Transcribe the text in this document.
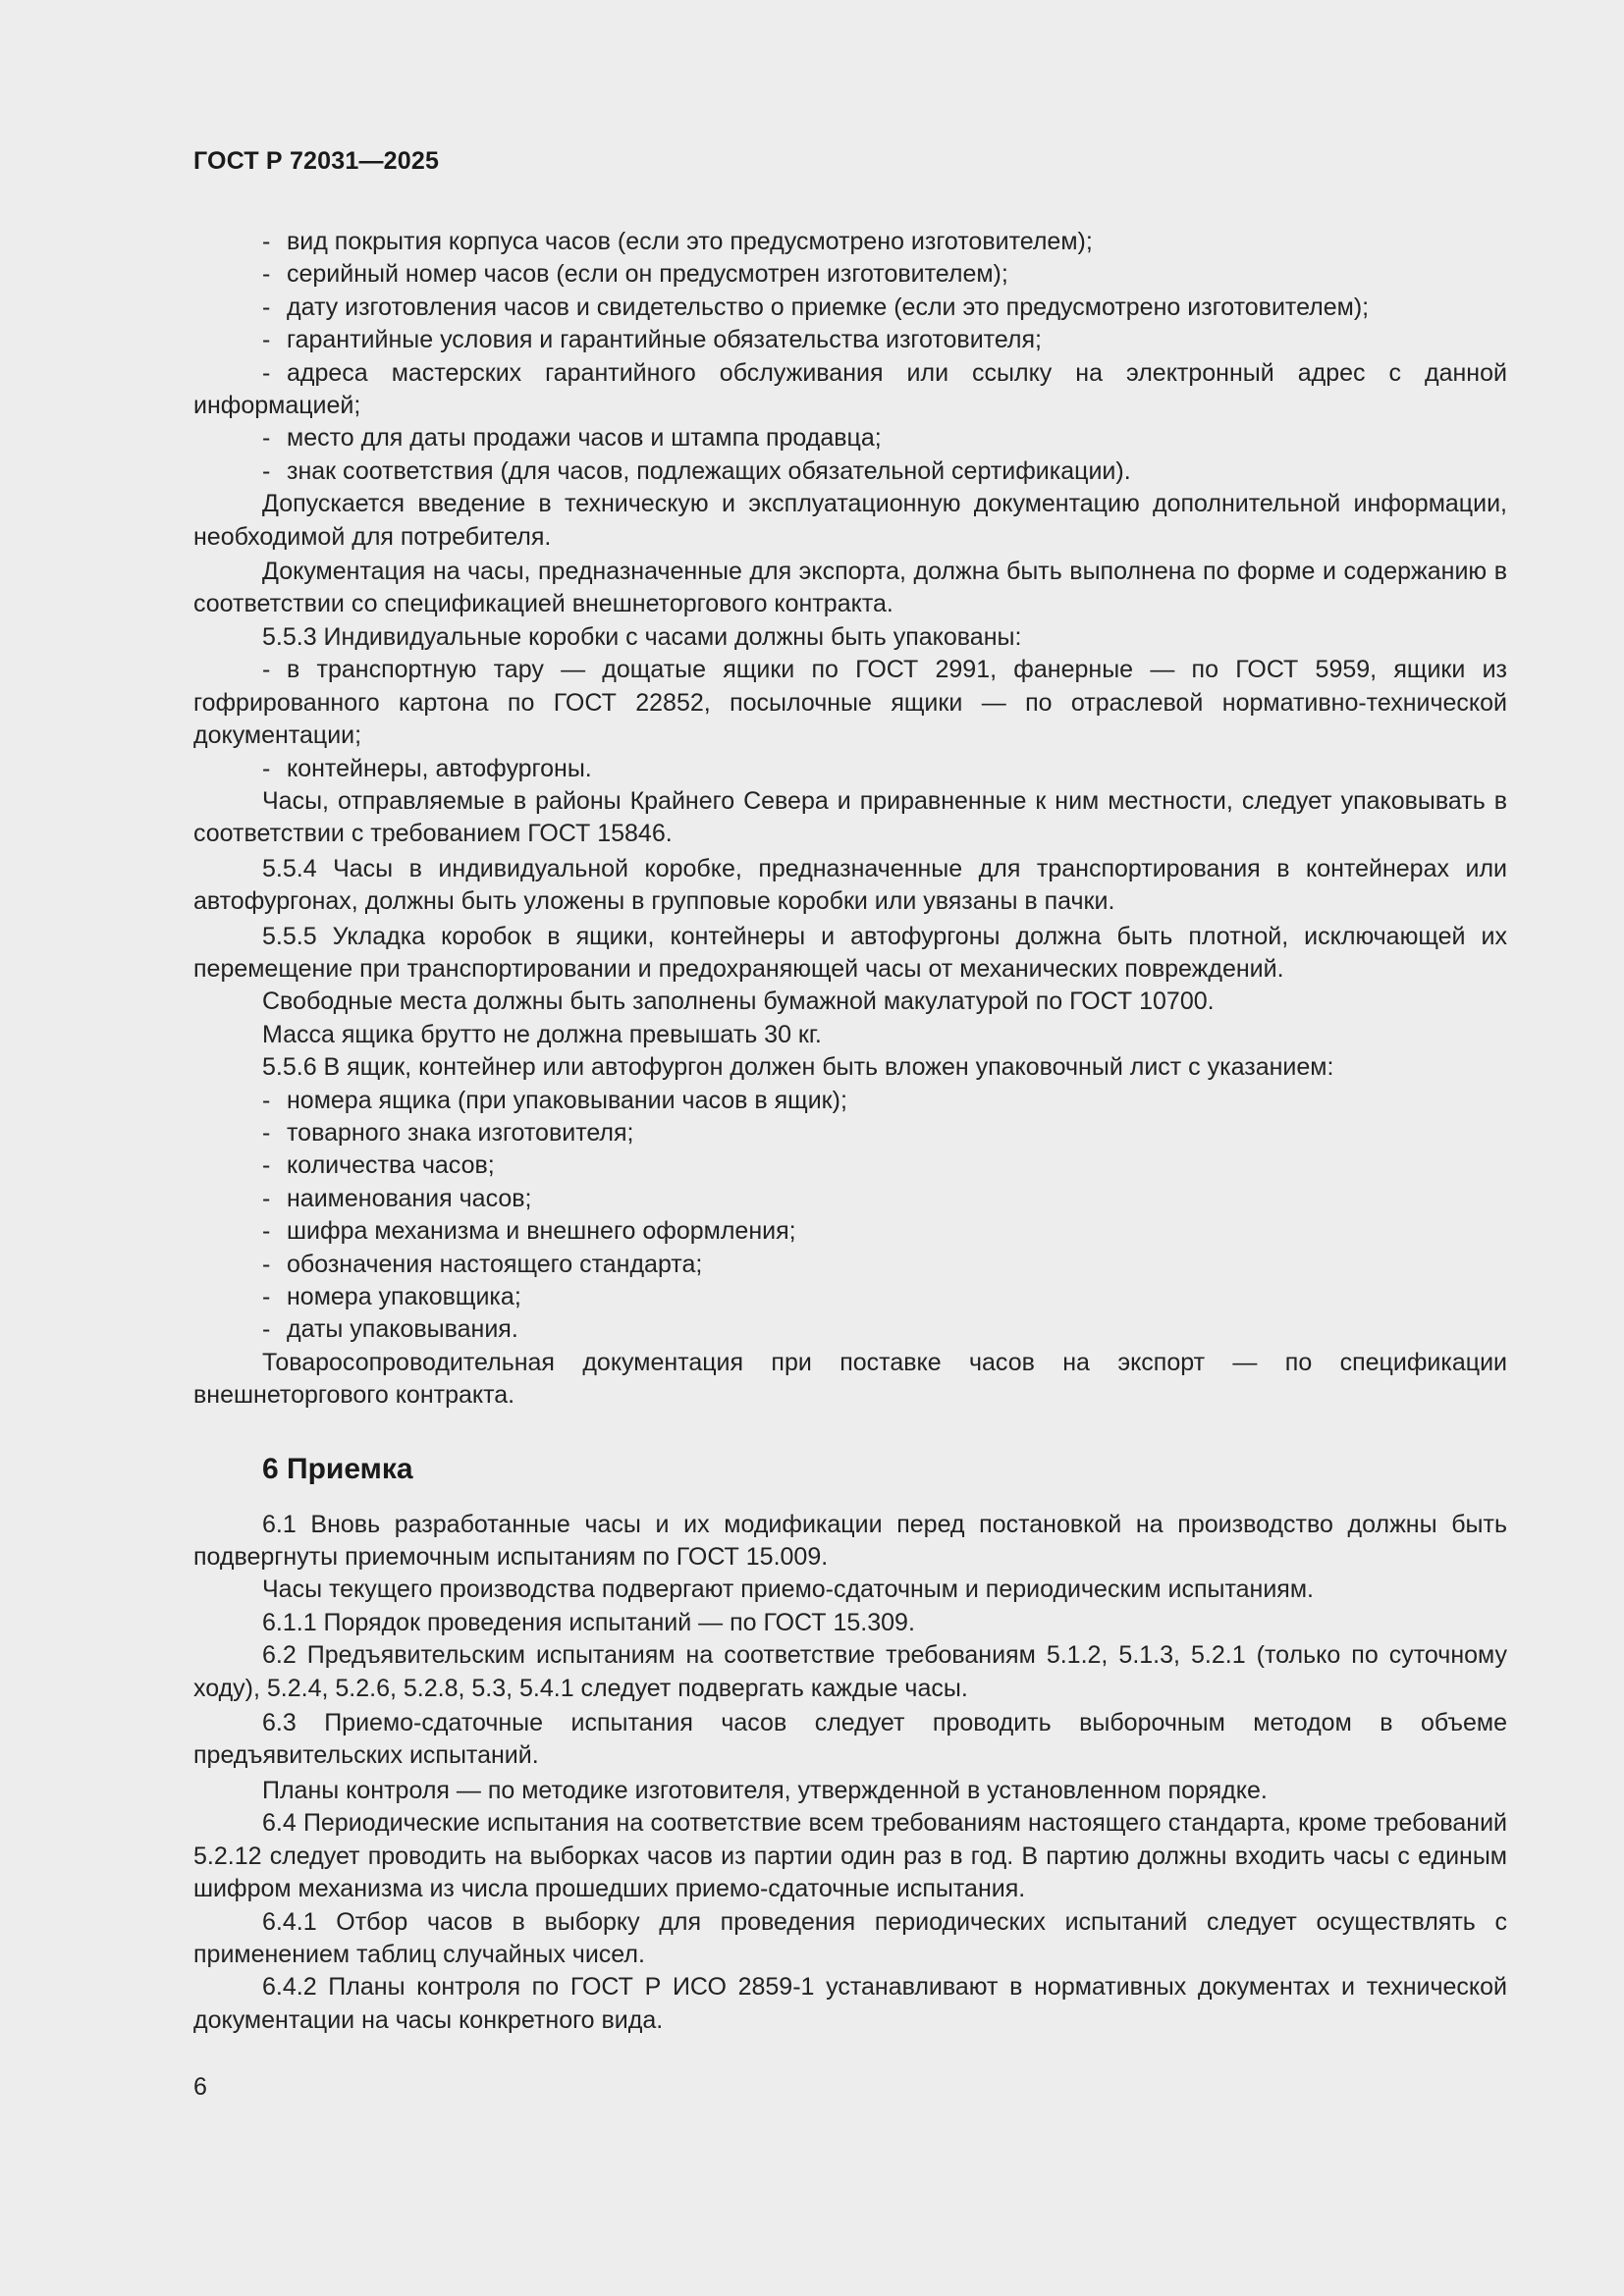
ГОСТ Р 72031—2025

- вид покрытия корпуса часов (если это предусмотрено изготовителем);

- серийный номер часов (если он предусмотрен изготовителем);

- дату изготовления часов и свидетельство о приемке (если это предусмотрено изготовителем);

- гарантийные условия и гарантийные обязательства изготовителя;

- адреса мастерских гарантийного обслуживания или ссылку на электронный адрес с данной информацией;

- место для даты продажи часов и штампа продавца;

- знак соответствия (для часов, подлежащих обязательной сертификации).

Допускается введение в техническую и эксплуатационную документацию дополнительной информации, необходимой для потребителя.

Документация на часы, предназначенные для экспорта, должна быть выполнена по форме и содержанию в соответствии со спецификацией внешнеторгового контракта.

5.5.3 Индивидуальные коробки с часами должны быть упакованы:

- в транспортную тару — дощатые ящики по ГОСТ 2991, фанерные — по ГОСТ 5959, ящики из гофрированного картона по ГОСТ 22852, посылочные ящики — по отраслевой нормативно-технической документации;

- контейнеры, автофургоны.

Часы, отправляемые в районы Крайнего Севера и приравненные к ним местности, следует упаковывать в соответствии с требованием ГОСТ 15846.

5.5.4 Часы в индивидуальной коробке, предназначенные для транспортирования в контейнерах или автофургонах, должны быть уложены в групповые коробки или увязаны в пачки.

5.5.5 Укладка коробок в ящики, контейнеры и автофургоны должна быть плотной, исключающей их перемещение при транспортировании и предохраняющей часы от механических повреждений.

Свободные места должны быть заполнены бумажной макулатурой по ГОСТ 10700.

Масса ящика брутто не должна превышать 30 кг.

5.5.6 В ящик, контейнер или автофургон должен быть вложен упаковочный лист с указанием:

- номера ящика (при упаковывании часов в ящик);

- товарного знака изготовителя;

- количества часов;

- наименования часов;

- шифра механизма и внешнего оформления;

- обозначения настоящего стандарта;

- номера упаковщика;

- даты упаковывания.

Товаросопроводительная документация при поставке часов на экспорт — по спецификации внешнеторгового контракта.

6 Приемка

6.1 Вновь разработанные часы и их модификации перед постановкой на производство должны быть подвергнуты приемочным испытаниям по ГОСТ 15.009.

Часы текущего производства подвергают приемо-сдаточным и периодическим испытаниям.

6.1.1 Порядок проведения испытаний — по ГОСТ 15.309.

6.2 Предъявительским испытаниям на соответствие требованиям 5.1.2, 5.1.3, 5.2.1 (только по суточному ходу), 5.2.4, 5.2.6, 5.2.8, 5.3, 5.4.1 следует подвергать каждые часы.

6.3 Приемо-сдаточные испытания часов следует проводить выборочным методом в объеме предъявительских испытаний.

Планы контроля — по методике изготовителя, утвержденной в установленном порядке.

6.4 Периодические испытания на соответствие всем требованиям настоящего стандарта, кроме требований 5.2.12 следует проводить на выборках часов из партии один раз в год. В партию должны входить часы с единым шифром механизма из числа прошедших приемо-сдаточные испытания.

6.4.1 Отбор часов в выборку для проведения периодических испытаний следует осуществлять с применением таблиц случайных чисел.

6.4.2 Планы контроля по ГОСТ Р ИСО 2859-1 устанавливают в нормативных документах и технической документации на часы конкретного вида.

6
